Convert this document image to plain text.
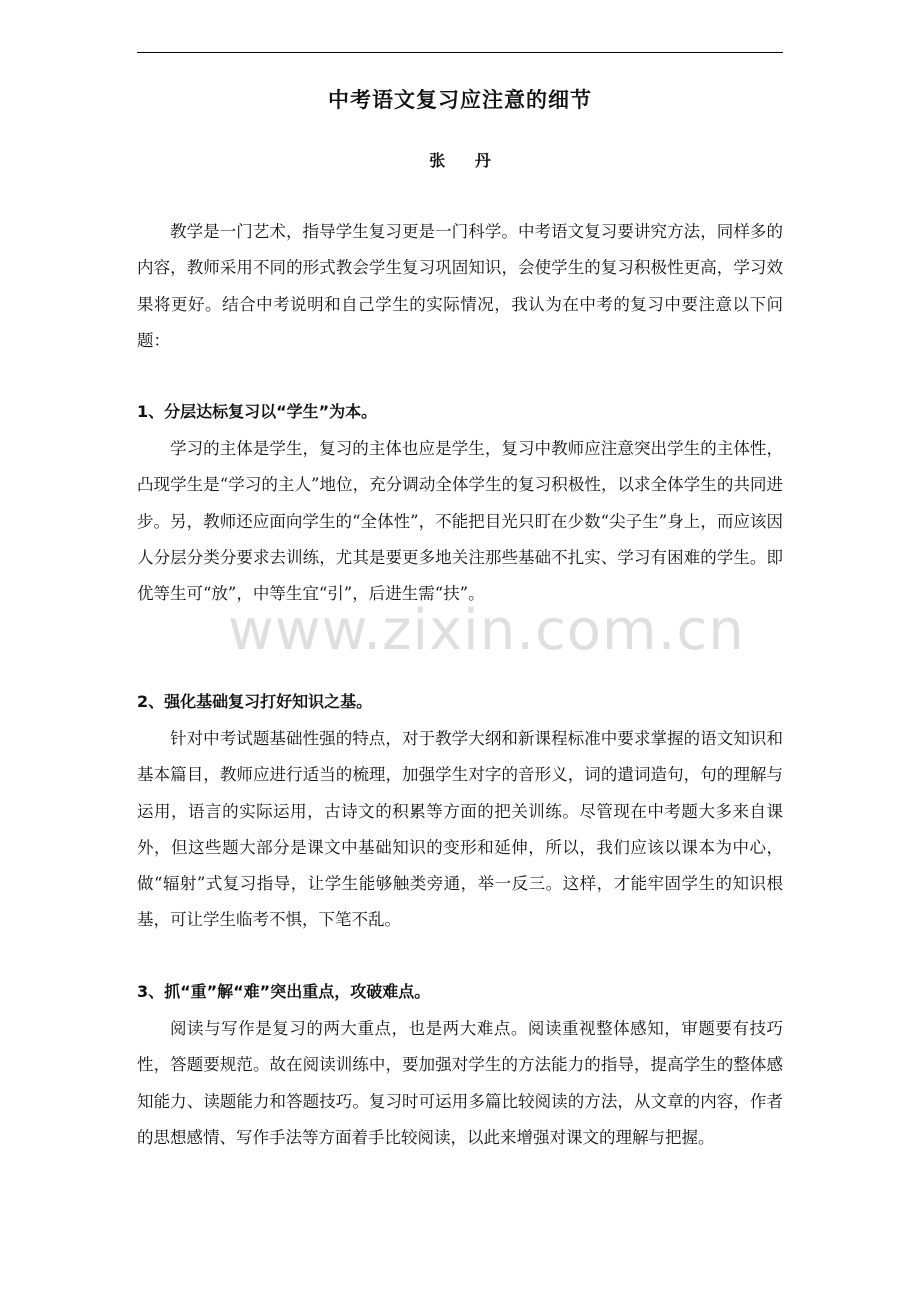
中考语文复习应注意的细节
张 丹

教学是一门艺术，指导学生复习更是一门科学。中考语文复习要讲究方法，同样多的内容，教师采用不同的形式教会学生复习巩固知识，会使学生的复习积极性更高，学习效果将更好。结合中考说明和自己学生的实际情况，我认为在中考的复习中要注意以下问题：

1、分层达标复习以“学生”为本。

学习的主体是学生，复习的主体也应是学生，复习中教师应注意突出学生的主体性，凸现学生是“学习的主人”地位，充分调动全体学生的复习积极性，以求全体学生的共同进步。另，教师还应面向学生的“全体性”，不能把目光只盯在少数“尖子生”身上，而应该因人分层分类分要求去训练，尤其是要更多地关注那些基础不扎实、学习有困难的学生。即优等生可“放”，中等生宜“引”，后进生需“扶”。

2、强化基础复习打好知识之基。

针对中考试题基础性强的特点，对于教学大纲和新课程标准中要求掌握的语文知识和基本篇目，教师应进行适当的梳理，加强学生对字的音形义，词的遣词造句，句的理解与运用，语言的实际运用，古诗文的积累等方面的把关训练。尽管现在中考题大多来自课外，但这些题大部分是课文中基础知识的变形和延伸，所以，我们应该以课本为中心，做“辐射”式复习指导，让学生能够触类旁通，举一反三。这样，才能牢固学生的知识根基，可让学生临考不惧，下笔不乱。

3、抓“重”解“难”突出重点，攻破难点。

阅读与写作是复习的两大重点，也是两大难点。阅读重视整体感知，审题要有技巧性，答题要规范。故在阅读训练中，要加强对学生的方法能力的指导，提高学生的整体感知能力、读题能力和答题技巧。复习时可运用多篇比较阅读的方法，从文章的内容，作者的思想感情、写作手法等方面着手比较阅读，以此来增强对课文的理解与把握。

www.zixin.com.cn
